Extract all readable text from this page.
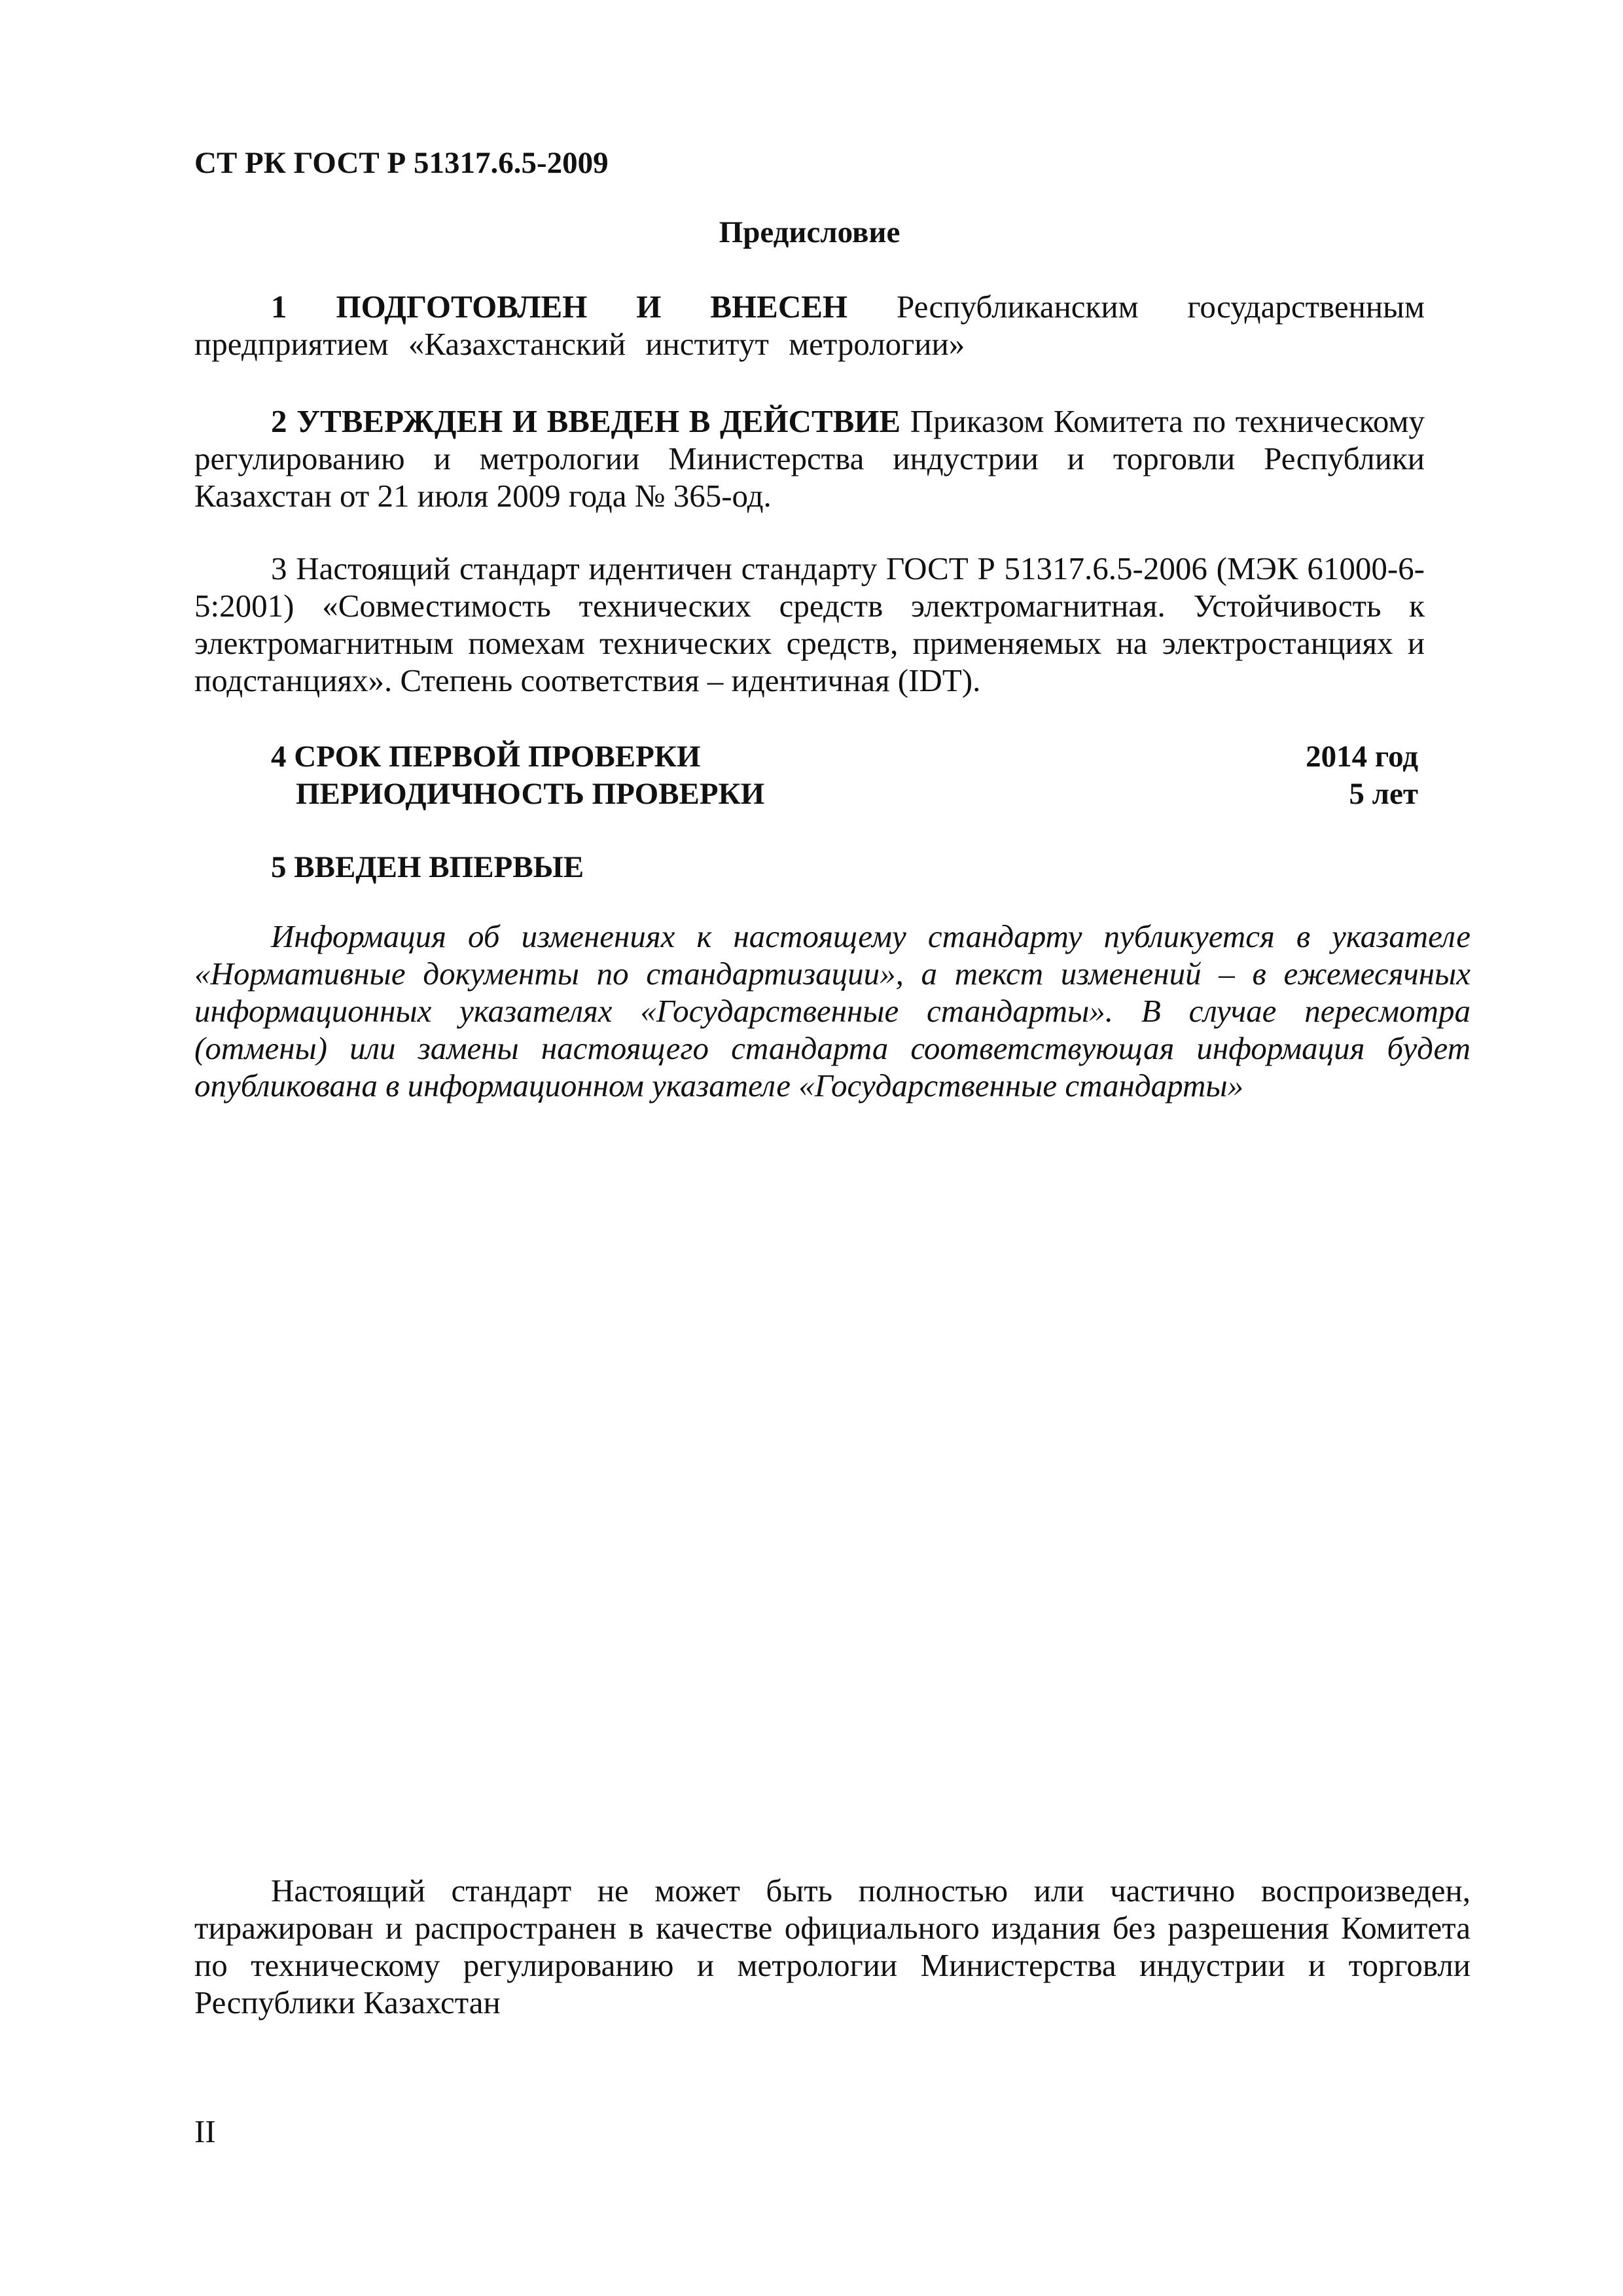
СТ РК ГОСТ Р 51317.6.5-2009
Предисловие

1 ПОДГОТОВЛЕН И ВНЕСЕН Республиканским государственным предприятием «Казахстанский институт метрологии»

2 УТВЕРЖДЕН И ВВЕДЕН В ДЕЙСТВИЕ Приказом Комитета по техническому регулированию и метрологии Министерства индустрии и торговли Республики Казахстан от 21 июля 2009 года № 365-од.

3 Настоящий стандарт идентичен стандарту ГОСТ Р 51317.6.5-2006 (МЭК 61000-6-5:2001) «Совместимость технических средств электромагнитная. Устойчивость к электромагнитным помехам технических средств, применяемых на электростанциях и подстанциях». Степень соответствия – идентичная (IDT).

4 СРОК ПЕРВОЙ ПРОВЕРКИ	2014 год
ПЕРИОДИЧНОСТЬ ПРОВЕРКИ	5 лет
5 ВВЕДЕН ВПЕРВЫЕ

Информация об изменениях к настоящему стандарту публикуется в указателе «Нормативные документы по стандартизации», а текст изменений – в ежемесячных информационных указателях «Государственные стандарты». В случае пересмотра (отмены) или замены настоящего стандарта соответствующая информация будет опубликована в информационном указателе «Государственные стандарты»

Настоящий стандарт не может быть полностью или частично воспроизведен, тиражирован и распространен в качестве официального издания без разрешения Комитета по техническому регулированию и метрологии Министерства индустрии и торговли Республики Казахстан

II
